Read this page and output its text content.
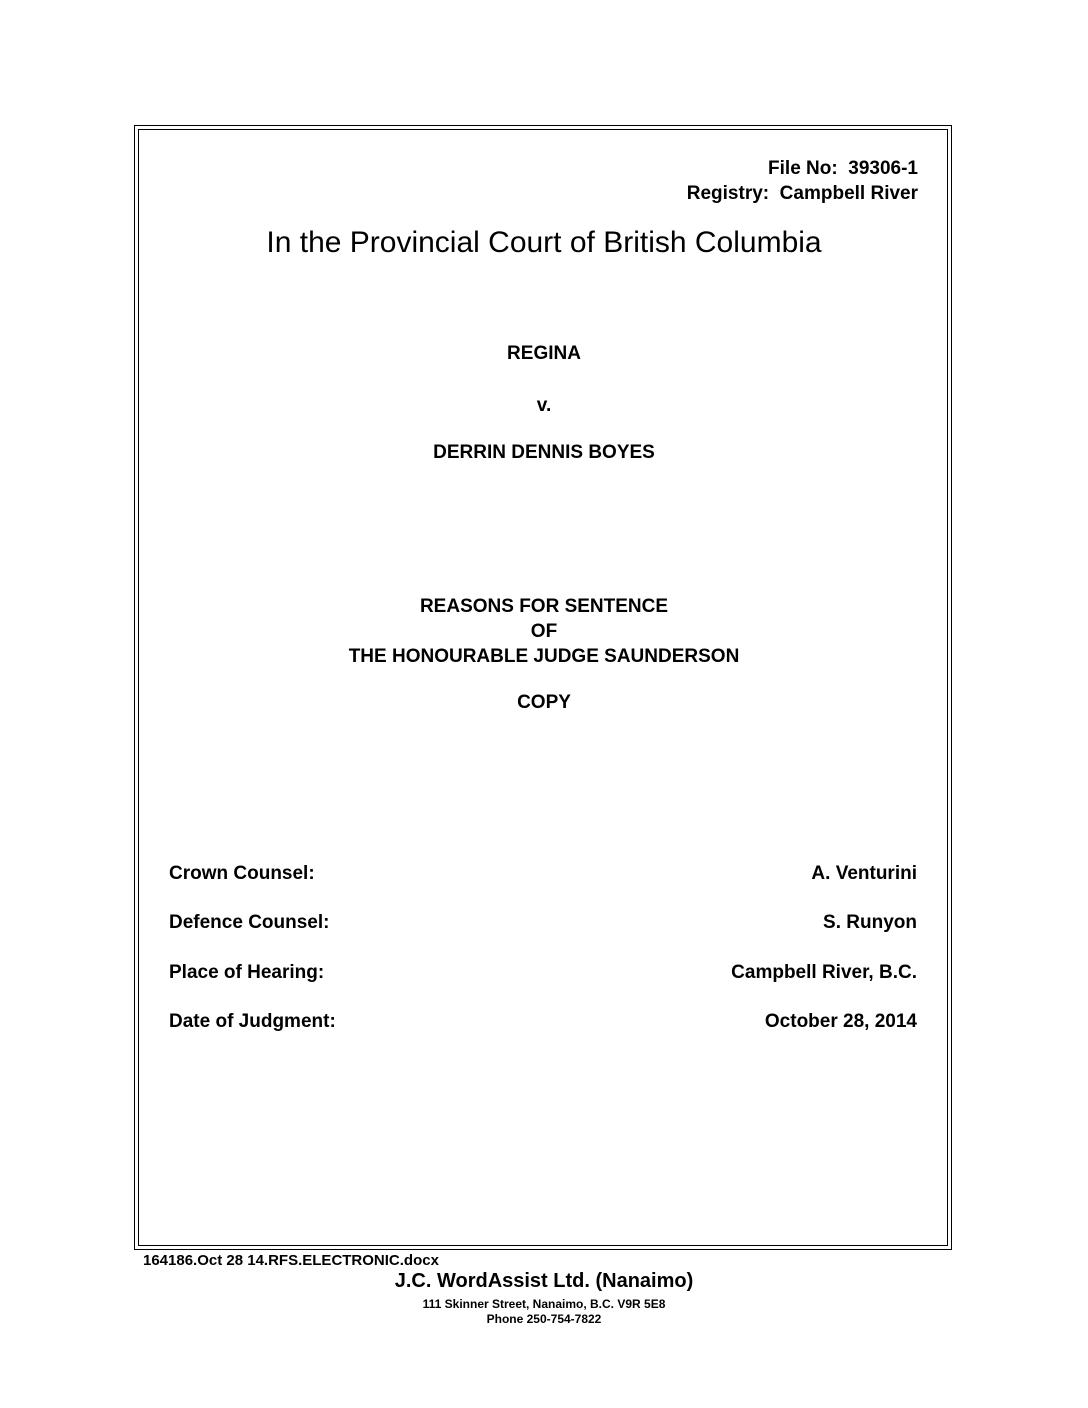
File No: 39306-1
Registry: Campbell River
In the Provincial Court of British Columbia
REGINA
v.
DERRIN DENNIS BOYES
REASONS FOR SENTENCE
OF
THE HONOURABLE JUDGE SAUNDERSON
COPY
Crown Counsel:	A. Venturini
Defence Counsel:	S. Runyon
Place of Hearing:	Campbell River, B.C.
Date of Judgment:	October 28, 2014
164186.Oct 28 14.RFS.ELECTRONIC.docx
J.C. WordAssist Ltd. (Nanaimo)
111 Skinner Street, Nanaimo, B.C. V9R 5E8
Phone 250-754-7822
